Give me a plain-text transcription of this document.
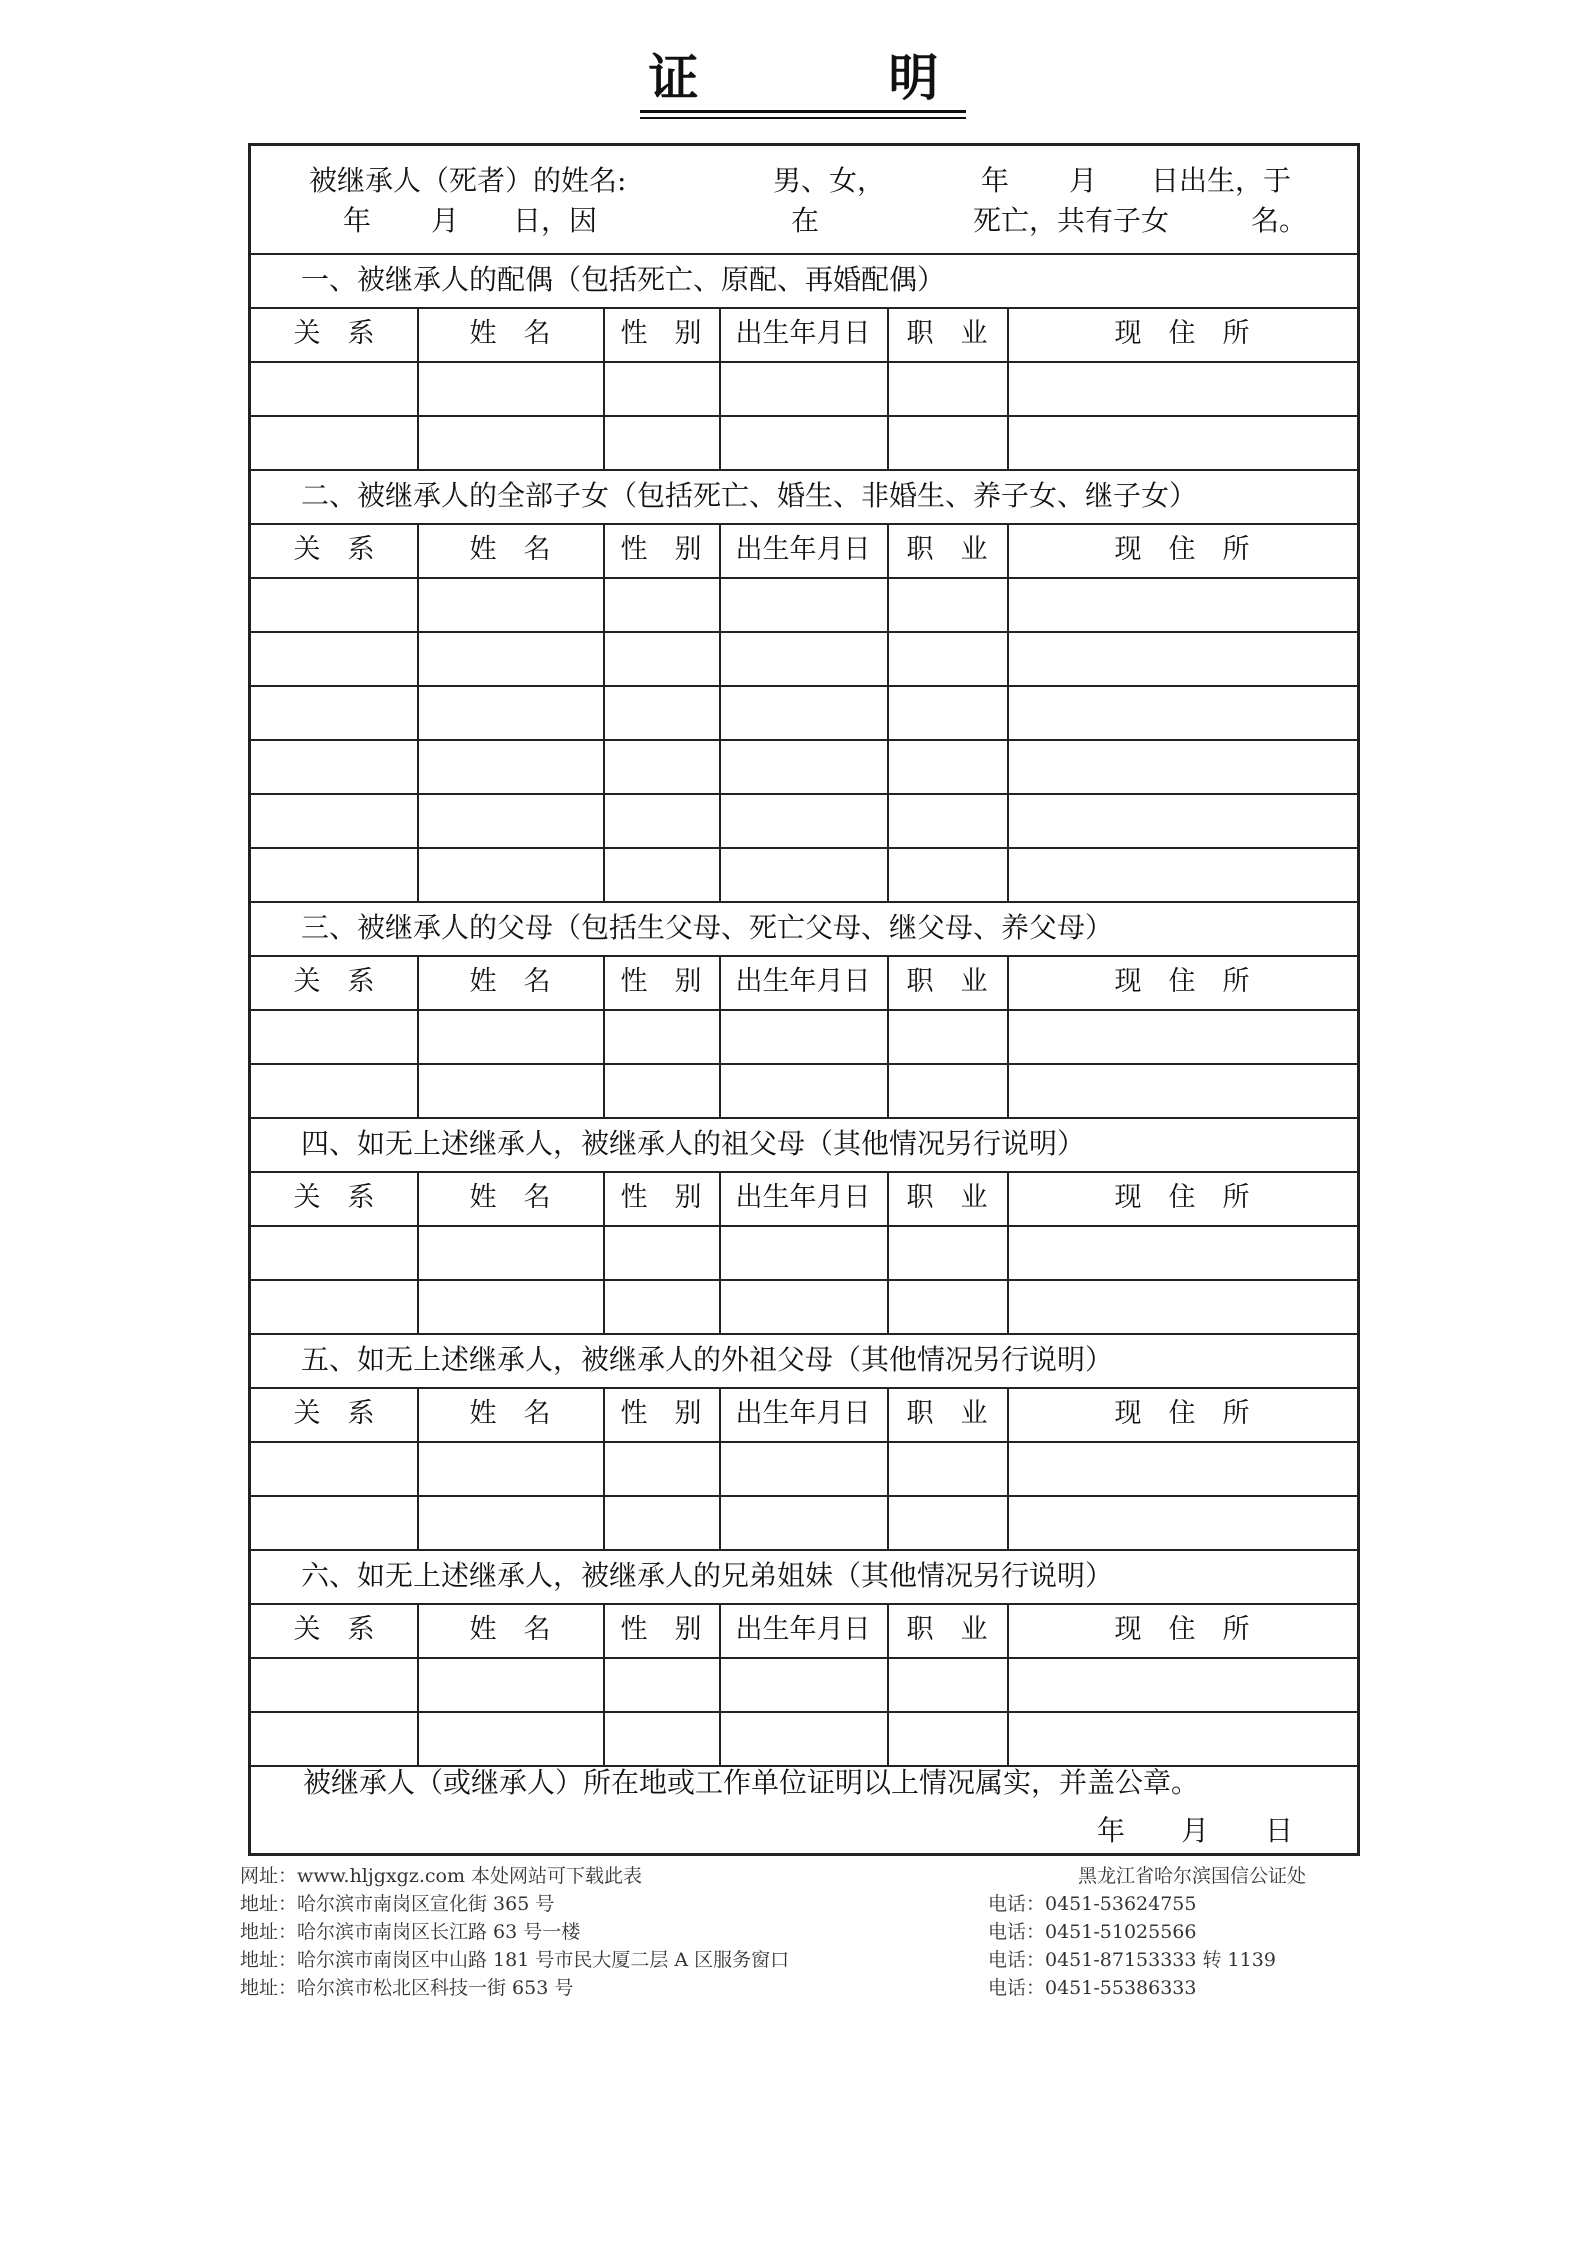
证　明
被继承人（死者）的姓名:	男、女，	年 月 日出生，于
年 月 日，因	在	死亡，共有子女	名。
一、被继承人的配偶（包括死亡、原配、再婚配偶）
关　系	姓　名	性　别	出生年月日	职　业	现　住　所
二、被继承人的全部子女（包括死亡、婚生、非婚生、养子女、继子女）
关　系	姓　名	性　别	出生年月日	职　业	现　住　所
三、被继承人的父母（包括生父母、死亡父母、继父母、养父母）
关　系	姓　名	性　别	出生年月日	职　业	现　住　所
四、如无上述继承人，被继承人的祖父母（其他情况另行说明）
关　系	姓　名	性　别	出生年月日	职　业	现　住　所
五、如无上述继承人，被继承人的外祖父母（其他情况另行说明）
关　系	姓　名	性　别	出生年月日	职　业	现　住　所
六、如无上述继承人，被继承人的兄弟姐妹（其他情况另行说明）
关　系	姓　名	性　别	出生年月日	职　业	现　住　所
被继承人（或继承人）所在地或工作单位证明以上情况属实，并盖公章。
年 月 日
网址：www.hljgxgz.com 本处网站可下载此表	黑龙江省哈尔滨国信公证处
地址：哈尔滨市南岗区宣化街 365 号	电话：0451-53624755
地址：哈尔滨市南岗区长江路 63 号一楼	电话：0451-51025566
地址：哈尔滨市南岗区中山路 181 号市民大厦二层 A 区服务窗口	电话：0451-87153333 转 1139
地址：哈尔滨市松北区科技一街 653 号	电话：0451-55386333
